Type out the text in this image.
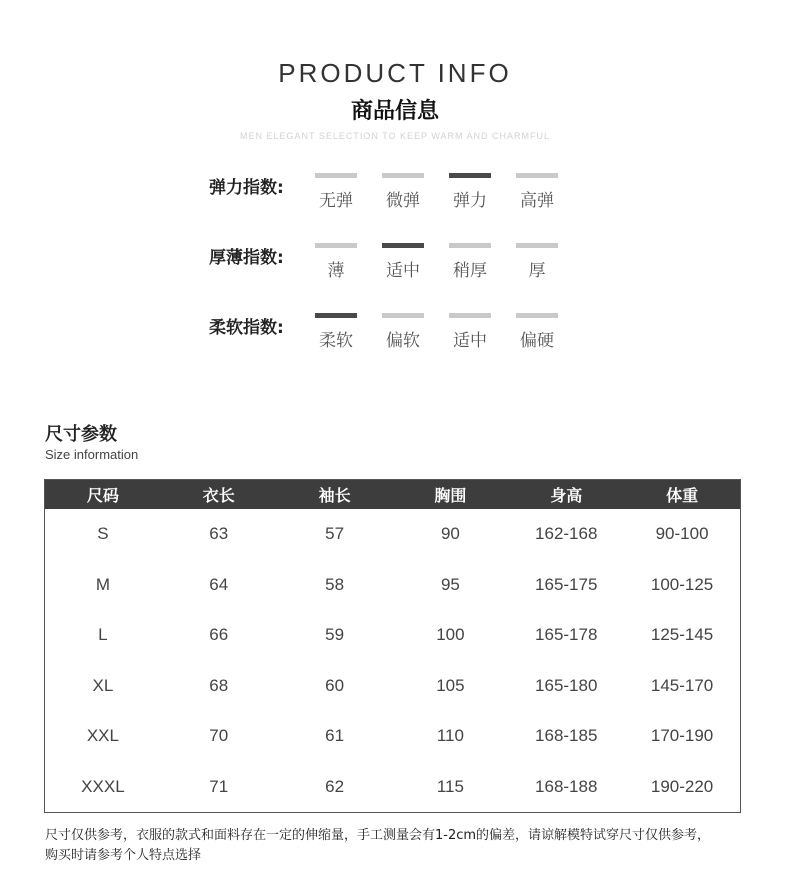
PRODUCT INFO
商品信息
MEN ELEGANT SELECTION TO KEEP WARM AND CHARMFUL
弹力指数:
无弹 微弹 弹力 高弹
厚薄指数:
薄	适中 稍厚	厚
柔软指数:
柔软 偏软 适中 偏硬
尺寸参数
Size information
尺码	衣长	袖长	胸围	身高	体重
S	63	57	90	162-168	90-100
M	64	58	95	165-175	100-125
L	66	59	100	165-178	125-145
XL	68	60	105	165-180	145-170
XXL	70	61	110	168-185	170-190
XXXL	71	62	115	168-188	190-220
尺寸仅供参考，衣服的款式和面料存在一定的伸缩量，手工测量会有1-2cm的偏差，请谅解模特试穿尺寸仅供参考，
购买时请参考个人特点选择
